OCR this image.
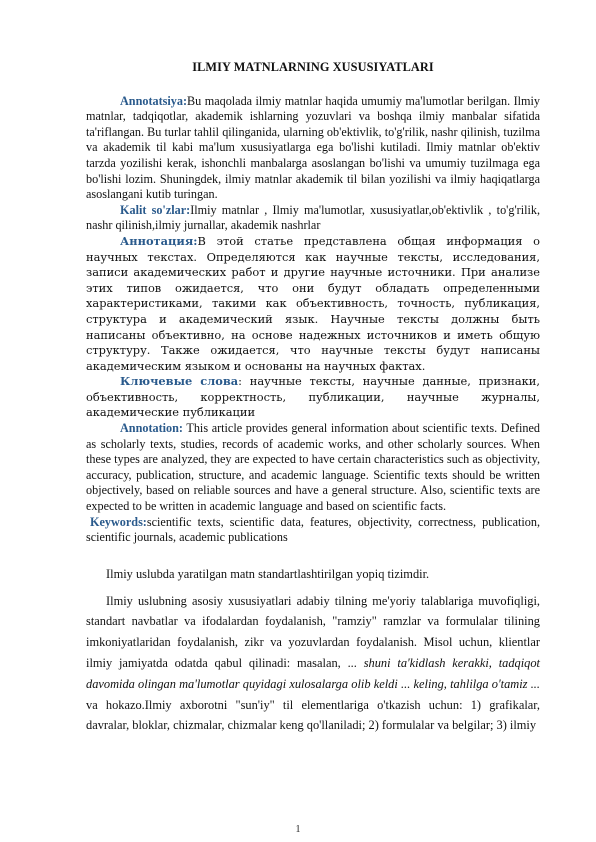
ILMIY MATNLARNING XUSUSIYATLARI

Annotatsiya:Bu maqolada ilmiy matnlar haqida umumiy ma'lumotlar berilgan. Ilmiy matnlar, tadqiqotlar, akademik ishlarning yozuvlari va boshqa ilmiy manbalar sifatida ta'riflangan. Bu turlar tahlil qilinganida, ularning ob'ektivlik, to'g'rilik, nashr qilinish, tuzilma va akademik til kabi ma'lum xususiyatlarga ega bo'lishi kutiladi. Ilmiy matnlar ob'ektiv tarzda yozilishi kerak, ishonchli manbalarga asoslangan bo'lishi va umumiy tuzilmaga ega bo'lishi lozim. Shuningdek, ilmiy matnlar akademik til bilan yozilishi va ilmiy haqiqatlarga asoslangani kutib turingan.

Kalit so'zlar:Ilmiy matnlar , Ilmiy ma'lumotlar, xususiyatlar,ob'ektivlik , to'g'rilik, nashr qilinish,ilmiy jurnallar, akademik nashrlar

Аннотация:В этой статье представлена общая информация о научных текстах. Определяются как научные тексты, исследования, записи академических работ и другие научные источники. При анализе этих типов ожидается, что они будут обладать определенными характеристиками, такими как объективность, точность, публикация, структура и академический язык. Научные тексты должны быть написаны объективно, на основе надежных источников и иметь общую структуру. Также ожидается, что научные тексты будут написаны академическим языком и основаны на научных фактах.

Ключевые слова: научные тексты, научные данные, признаки, объективность, корректность, публикации, научные журналы, академические публикации

Annotation: This article provides general information about scientific texts. Defined as scholarly texts, studies, records of academic works, and other scholarly sources. When these types are analyzed, they are expected to have certain characteristics such as objectivity, accuracy, publication, structure, and academic language. Scientific texts should be written objectively, based on reliable sources and have a general structure. Also, scientific texts are expected to be written in academic language and based on scientific facts.

Keywords:scientific texts, scientific data, features, objectivity, correctness, publication, scientific journals, academic publications

Ilmiy uslubda yaratilgan matn standartlashtirilgan yopiq tizimdir.

Ilmiy uslubning asosiy xususiyatlari adabiy tilning me'yoriy talablariga muvofiqligi, standart navbatlar va ifodalardan foydalanish, "ramziy" ramzlar va formulalar tilining imkoniyatlaridan foydalanish, zikr va yozuvlardan foydalanish. Misol uchun, klientlar ilmiy jamiyatda odatda qabul qilinadi: masalan, ... shuni ta'kidlash kerakki, tadqiqot davomida olingan ma'lumotlar quyidagi xulosalarga olib keldi ... keling, tahlilga o'tamiz ... va hokazo.Ilmiy axborotni "sun'iy" til elementlariga o'tkazish uchun: 1) grafikalar, davralar, bloklar, chizmalar, chizmalar keng qo'llaniladi; 2) formulalar va belgilar; 3) ilmiy

1
